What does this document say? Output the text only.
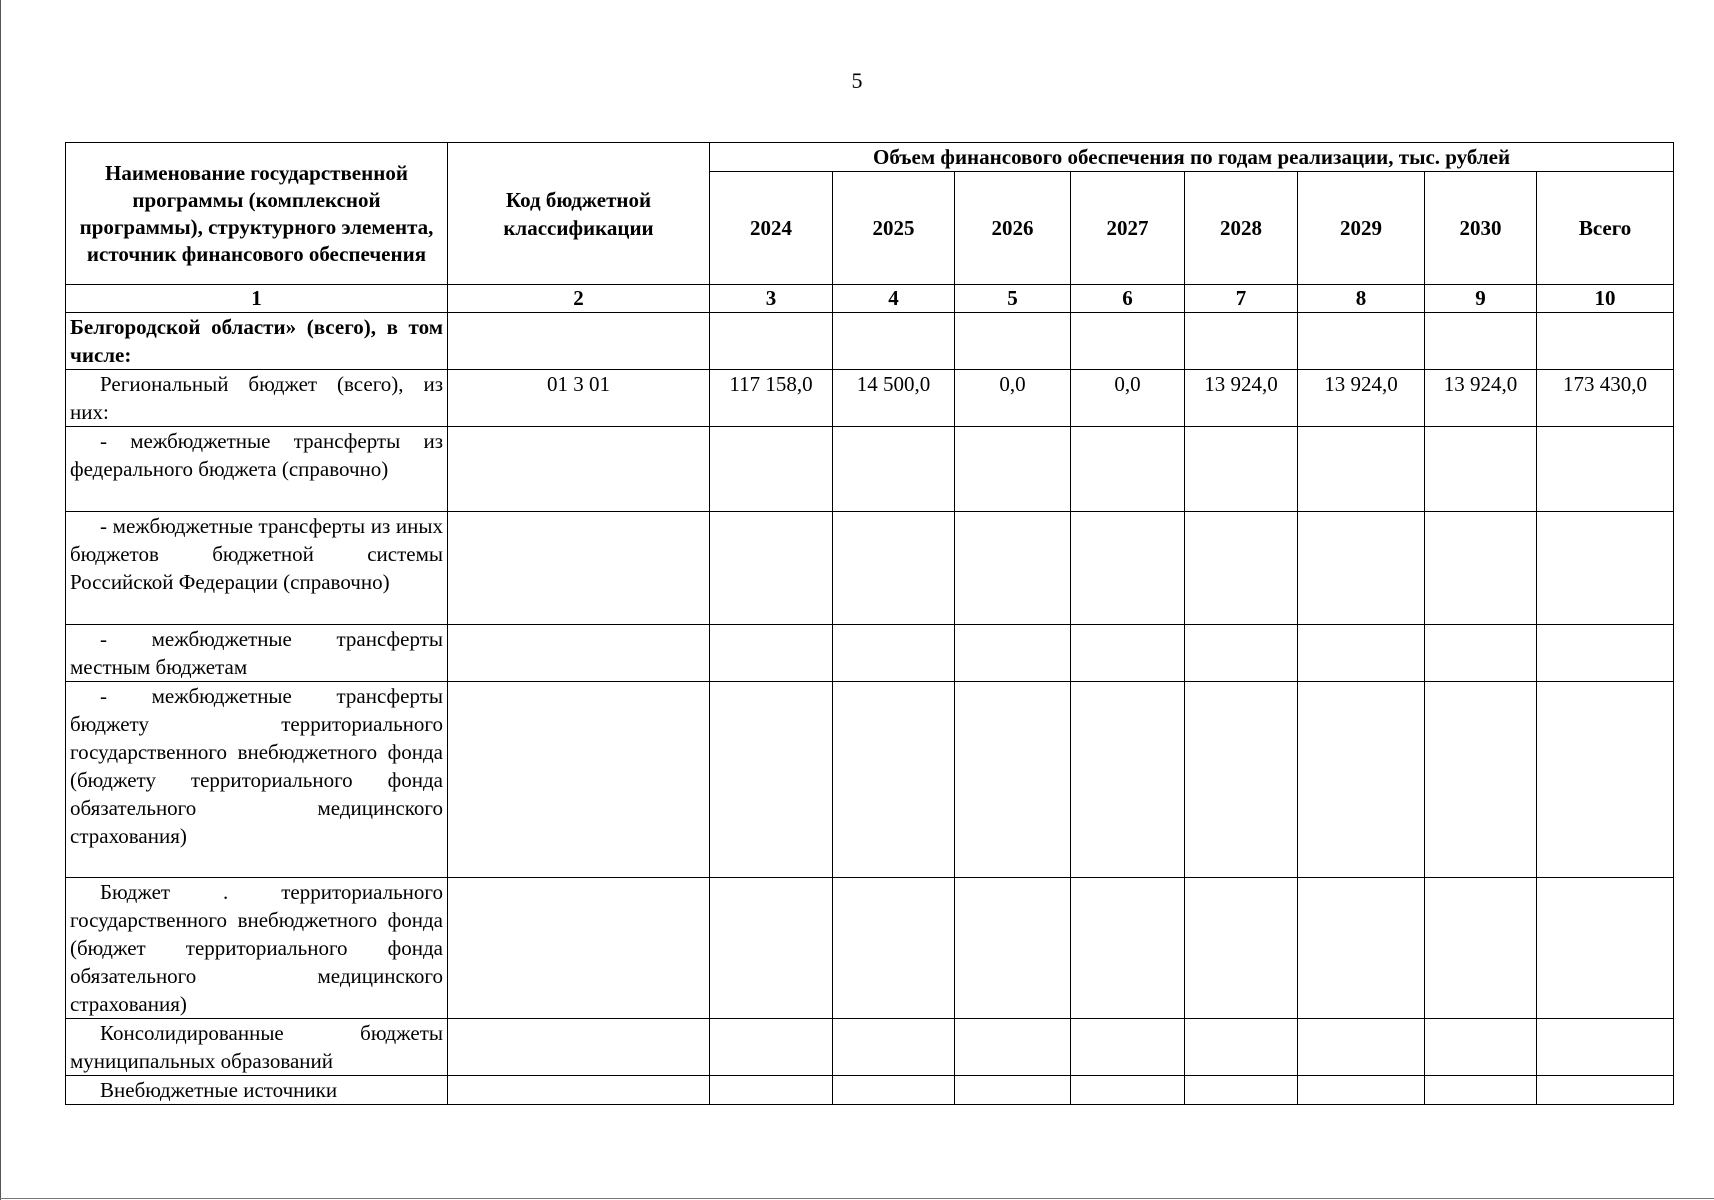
5
Наименование государственной программы (комплексной программы), структурного элемента, источник финансового обеспечения	Код бюджетной классификации	Объем финансового обеспечения по годам реализации, тыс. рублей							
		2024	2025	2026	2027	2028	2029	2030	Всего
1	2	3	4	5	6	7	8	9	10
Белгородской области» (всего), в том числе:									
Региональный бюджет (всего), из них:	01 3 01	117 158,0	14 500,0	0,0	0,0	13 924,0	13 924,0	13 924,0	173 430,0
- межбюджетные трансферты из федерального бюджета (справочно)									
- межбюджетные трансферты из иных бюджетов бюджетной системы Российской Федерации (справочно)									
- межбюджетные трансферты местным бюджетам									
- межбюджетные трансферты бюджету территориального государственного внебюджетного фонда (бюджету территориального фонда обязательного медицинского страхования)									
Бюджет . территориального государственного внебюджетного фонда (бюджет территориального фонда обязательного медицинского страхования)									
Консолидированные бюджеты муниципальных образований									
Внебюджетные источники									
